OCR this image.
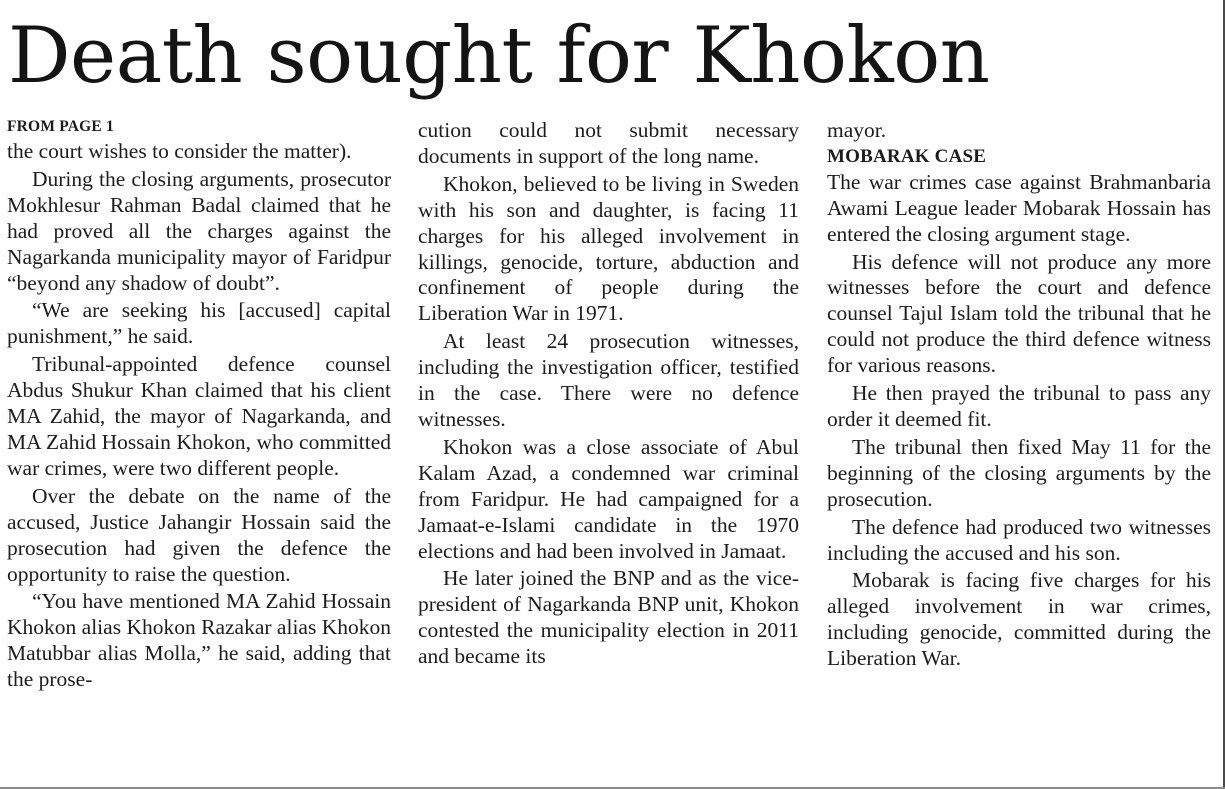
Death sought for Khokon
FROM PAGE 1

the court wishes to consider the matter).

During the closing arguments, prosecutor Mokhlesur Rahman Badal claimed that he had proved all the charges against the Nagarkanda municipality mayor of Faridpur “beyond any shadow of doubt”.

“We are seeking his [accused] capital punishment,” he said.

Tribunal-appointed defence counsel Abdus Shukur Khan claimed that his client MA Zahid, the mayor of Nagarkanda, and MA Zahid Hossain Khokon, who committed war crimes, were two different people.

Over the debate on the name of the accused, Justice Jahangir Hossain said the prosecution had given the defence the opportunity to raise the question.

“You have mentioned MA Zahid Hossain Khokon alias Khokon Razakar alias Khokon Matubbar alias Molla,” he said, adding that the prose-

cution could not submit necessary documents in support of the long name.

Khokon, believed to be living in Sweden with his son and daughter, is facing 11 charges for his alleged involvement in killings, genocide, torture, abduction and confinement of people during the Liberation War in 1971.

At least 24 prosecution witnesses, including the investigation officer, testified in the case. There were no defence witnesses.

Khokon was a close associate of Abul Kalam Azad, a condemned war criminal from Faridpur. He had campaigned for a Jamaat-e-Islami candidate in the 1970 elections and had been involved in Jamaat.

He later joined the BNP and as the vice-president of Nagarkanda BNP unit, Khokon contested the municipality election in 2011 and became its

mayor.

MOBARAK CASE

The war crimes case against Brahmanbaria Awami League leader Mobarak Hossain has entered the closing argument stage.

His defence will not produce any more witnesses before the court and defence counsel Tajul Islam told the tribunal that he could not produce the third defence witness for various reasons.

He then prayed the tribunal to pass any order it deemed fit.

The tribunal then fixed May 11 for the beginning of the closing arguments by the prosecution.

The defence had produced two witnesses including the accused and his son.

Mobarak is facing five charges for his alleged involvement in war crimes, including genocide, committed during the Liberation War.
